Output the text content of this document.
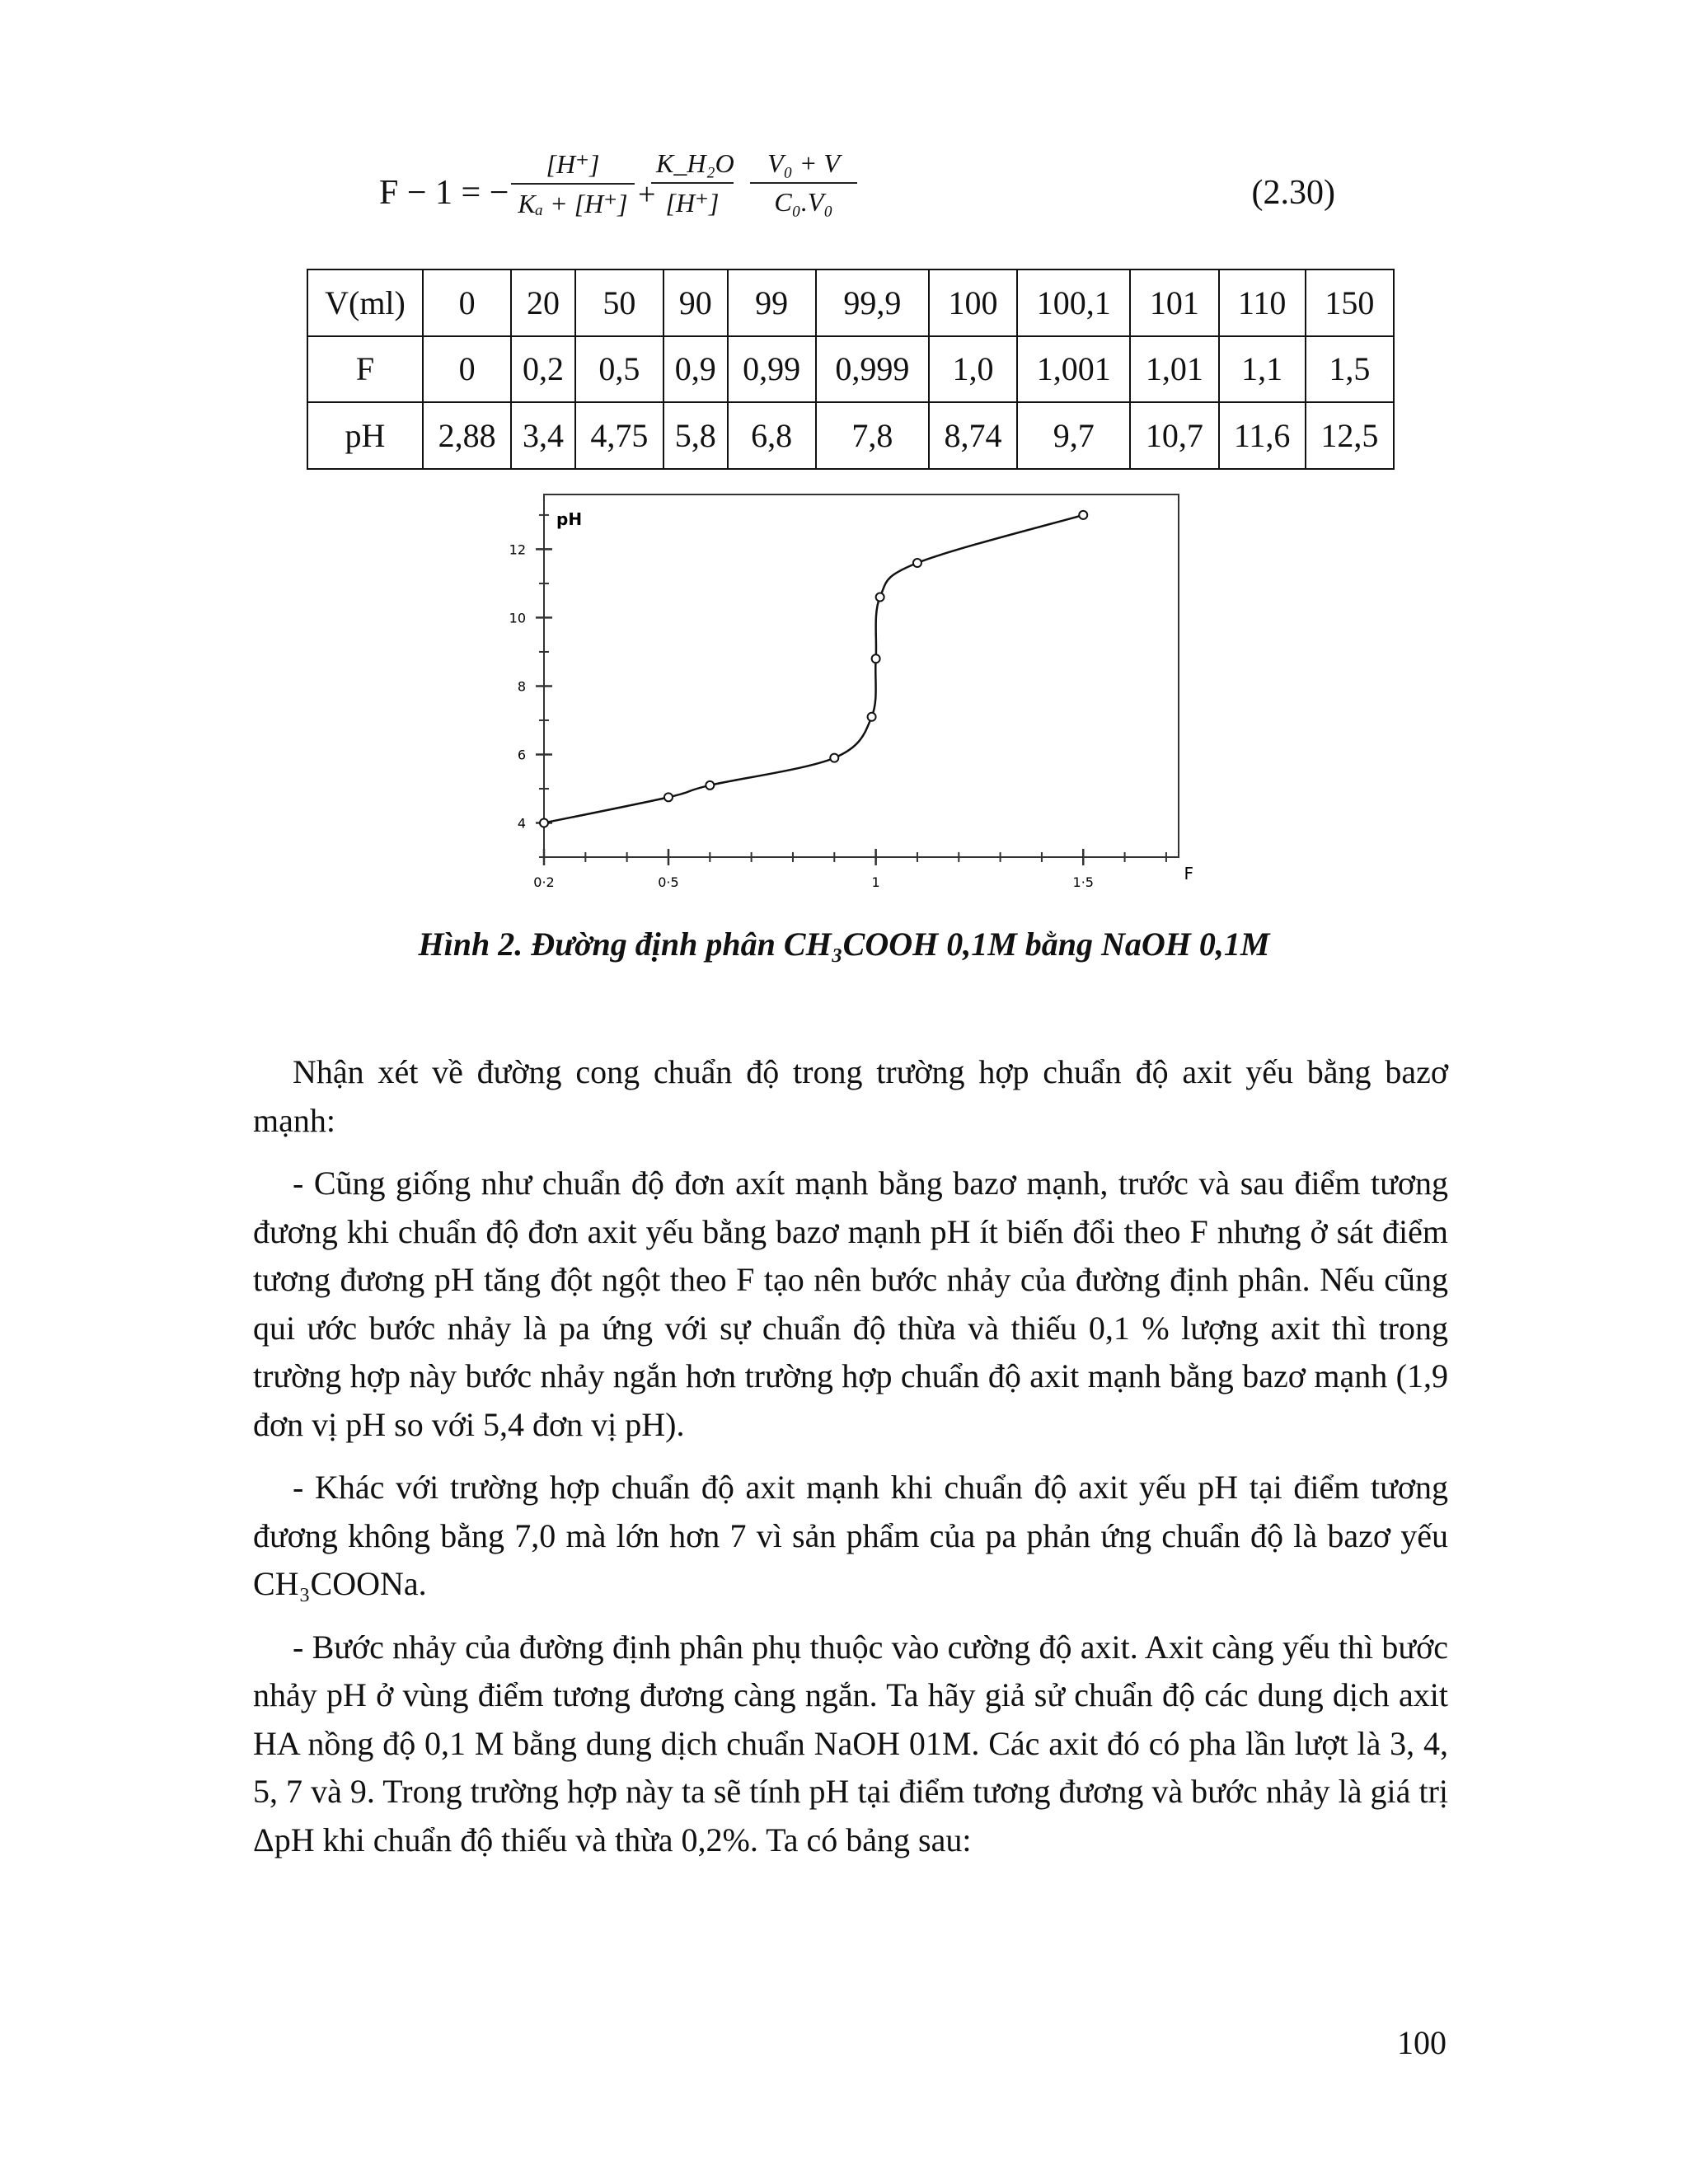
F − 1 = − $\frac{[H^+]}{\text{Kₐ + [H⁺]}}$ +
$\frac{\text{K\_H₂O}}{[H^+]} \frac{\text{V₀ + V}}{\text{C₀.V₀}}$	(2.30)
V(ml)	0	20	50	90	99	99,9	100	100,1	101	110	150
F	0	0,2	0,5	0,9	0,99	0,999	1,0	1,001	1,01	1,1	1,5
pH	2,88	3,4	4,75	5,8	6,8	7,8	8,74	9,7	10,7	11,6	12,5
4
6
8
10
12
0·2	0·5	1	1·5
pH
F
Hình 2. Đường định phân CH₃COOH 0,1M bằng NaOH 0,1M

Nhận xét về đường cong chuẩn độ trong trường hợp chuẩn độ axit yếu bằng bazơ mạnh:

- Cũng giống như chuẩn độ đơn axít mạnh bằng bazơ mạnh, trước và sau điểm tương đương khi chuẩn độ đơn axit yếu bằng bazơ mạnh pH ít biến đổi theo F nhưng ở sát điểm tương đương pH tăng đột ngột theo F tạo nên bước nhảy của đường định phân. Nếu cũng qui ước bước nhảy là pa ứng với sự chuẩn độ thừa và thiếu 0,1 % lượng axit thì trong trường hợp này bước nhảy ngắn hơn trường hợp chuẩn độ axit mạnh bằng bazơ mạnh (1,9 đơn vị pH so với 5,4 đơn vị pH).

- Khác với trường hợp chuẩn độ axit mạnh khi chuẩn độ axit yếu pH tại điểm tương đương không bằng 7,0 mà lớn hơn 7 vì sản phẩm của pa phản ứng chuẩn độ là bazơ yếu CH₃COONa.

- Bước nhảy của đường định phân phụ thuộc vào cường độ axit. Axit càng yếu thì bước nhảy pH ở vùng điểm tương đương càng ngắn. Ta hãy giả sử chuẩn độ các dung dịch axit HA nồng độ 0,1 M bằng dung dịch chuẩn NaOH 01M. Các axit đó có pha lần lượt là 3, 4, 5, 7 và 9. Trong trường hợp này ta sẽ tính pH tại điểm tương đương và bước nhảy là giá trị ΔpH khi chuẩn độ thiếu và thừa 0,2%. Ta có bảng sau:

100
